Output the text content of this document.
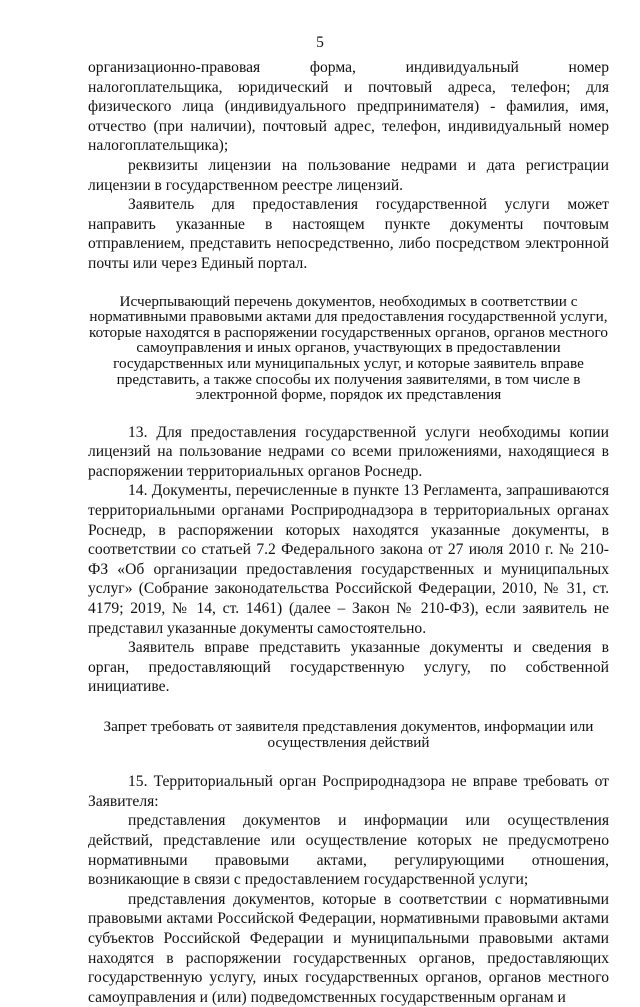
5

организационно-правовая форма, индивидуальный номер налогоплательщика, юридический и почтовый адреса, телефон; для физического лица (индивидуального предпринимателя) - фамилия, имя, отчество (при наличии), почтовый адрес, телефон, индивидуальный номер налогоплательщика);

реквизиты лицензии на пользование недрами и дата регистрации лицензии в государственном реестре лицензий.

Заявитель для предоставления государственной услуги может направить указанные в настоящем пункте документы почтовым отправлением, представить непосредственно, либо посредством электронной почты или через Единый портал.

Исчерпывающий перечень документов, необходимых в соответствии с нормативными правовыми актами для предоставления государственной услуги, которые находятся в распоряжении государственных органов, органов местного самоуправления и иных органов, участвующих в предоставлении государственных или муниципальных услуг, и которые заявитель вправе представить, а также способы их получения заявителями, в том числе в электронной форме, порядок их представления

13. Для предоставления государственной услуги необходимы копии лицензий на пользование недрами со всеми приложениями, находящиеся в распоряжении территориальных органов Роснедр.

14. Документы, перечисленные в пункте 13 Регламента, запрашиваются территориальными органами Росприроднадзора в территориальных органах Роснедр, в распоряжении которых находятся указанные документы, в соответствии со статьей 7.2 Федерального закона от 27 июля 2010 г. № 210-ФЗ «Об организации предоставления государственных и муниципальных услуг» (Собрание законодательства Российской Федерации, 2010, № 31, ст. 4179; 2019, № 14, ст. 1461) (далее – Закон № 210-ФЗ), если заявитель не представил указанные документы самостоятельно.

Заявитель вправе представить указанные документы и сведения в орган, предоставляющий государственную услугу, по собственной инициативе.

Запрет требовать от заявителя представления документов, информации или осуществления действий

15. Территориальный орган Росприроднадзора не вправе требовать от Заявителя:

представления документов и информации или осуществления действий, представление или осуществление которых не предусмотрено нормативными правовыми актами, регулирующими отношения, возникающие в связи с предоставлением государственной услуги;

представления документов, которые в соответствии с нормативными правовыми актами Российской Федерации, нормативными правовыми актами субъектов Российской Федерации и муниципальными правовыми актами находятся в распоряжении государственных органов, предоставляющих государственную услугу, иных государственных органов, органов местного самоуправления и (или) подведомственных государственным органам и
